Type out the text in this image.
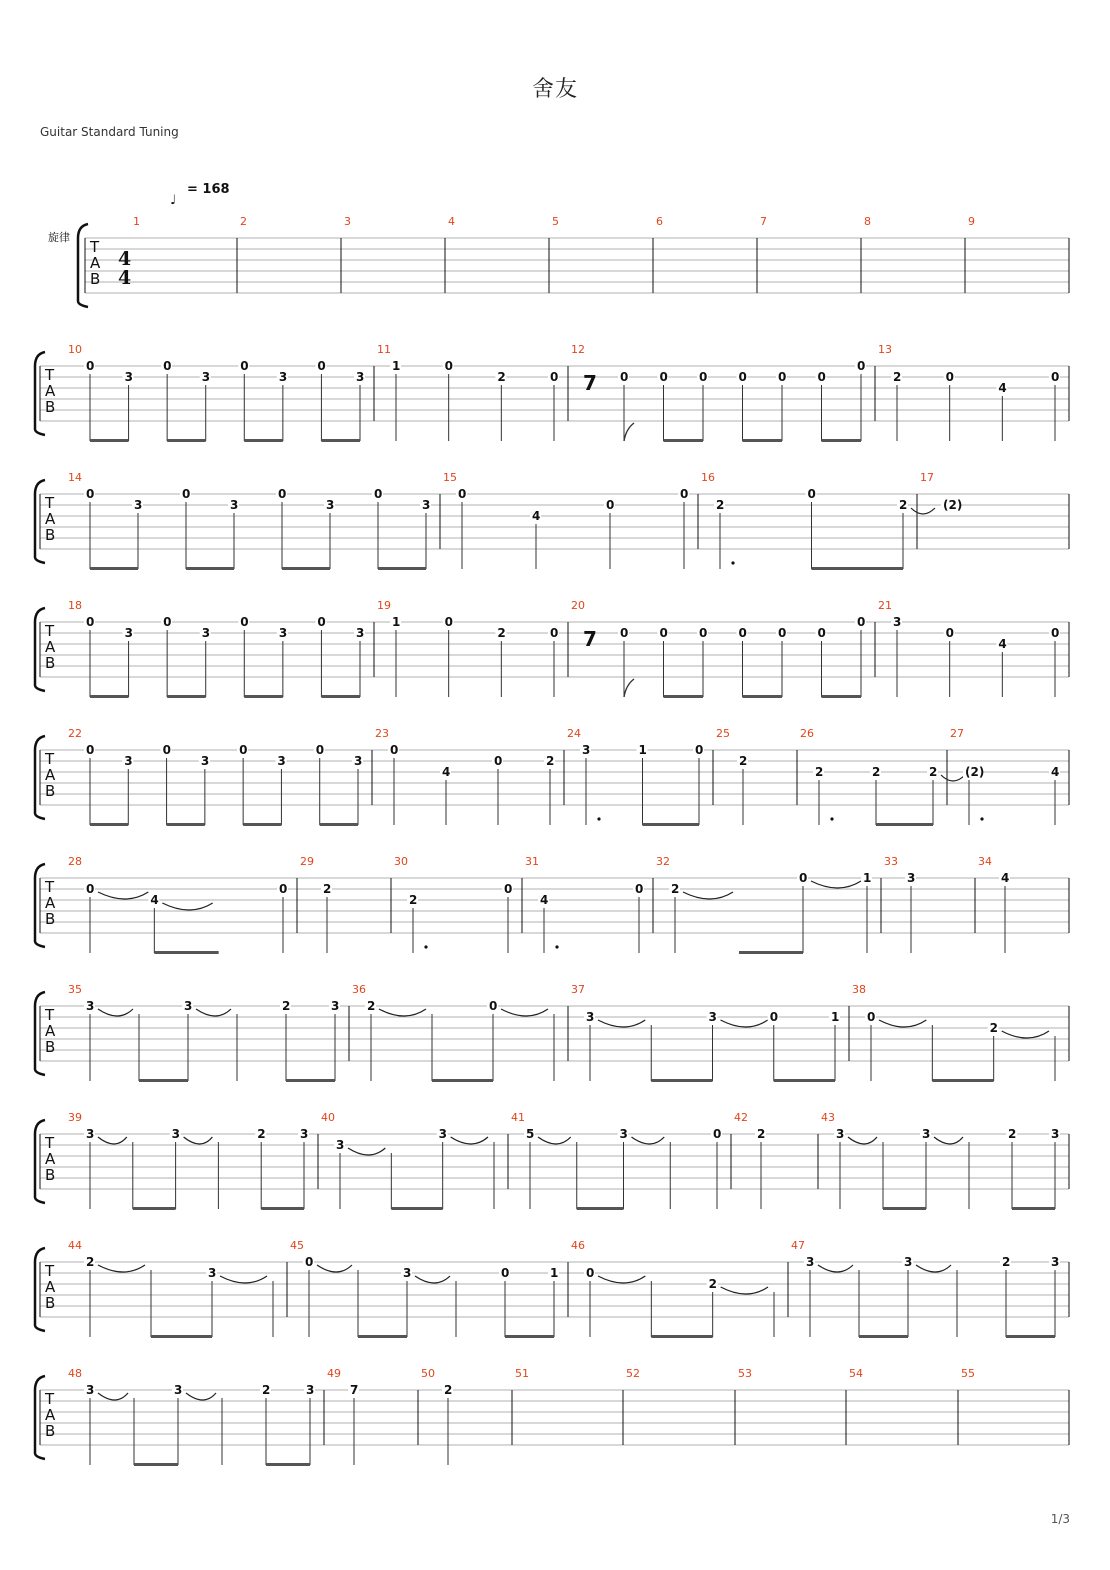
舍友
Guitar Standard Tuning
1/3
♩
= 168
旋律
T
A
B
4
4
1	2	3	4	5	6	7	8	9
T
A
B
10
0
3
0
3
0
3
0
3
11
1	0
2	0
12
7 0	0	0	0	0	0
0
13
2	0
4
0
T
A
B
14
0
3
0
3
0
3
0
3
15
0
4
0
0
16
2
0
2
17
(2)
T
A
B
18
0
3
0
3
0
3
0
3
19
1	0
2	0
20
7 0	0	0	0	0	0
0
21
3
0
4
0
T
A
B
22
0
3
0
3
0
3
0
3
23
0
4
0	2
24
3	1	0
25
2
26
2	2	2
27
(2)	4
T
A
B
28
0
4
0
29
2
30
2
0
31
4
0
32
2
0	1
33
3
34
4
T
A
B
35
3	3	2	3
36
2	0
37
3	3	0	1
38
0
2
T
A
B
39
3	3	2	3
40
3
3
41
5	3	0
42
2
43
3	3	2	3
T
A
B
44
2
3
45
0
3	0	1
46
0
2
47
3	3	2	3
T
A
B
48
3	3	2	3
49
7
50
2
51	52	53	54	55
